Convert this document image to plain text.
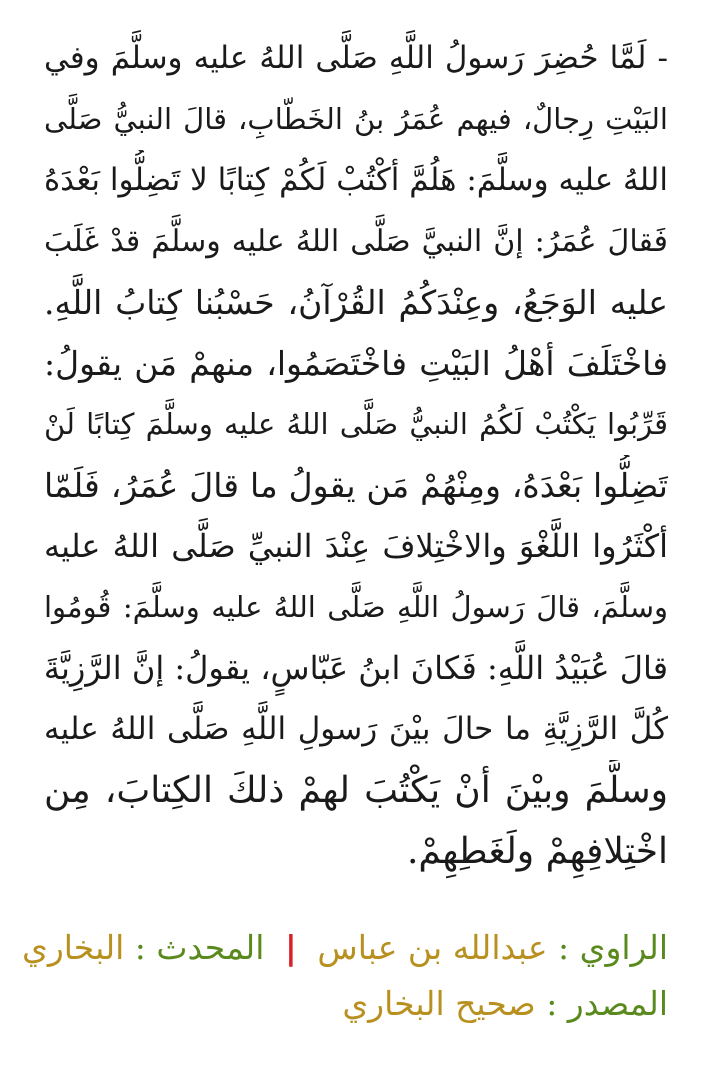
- لَمَّا حُضِرَ رَسولُ اللَّهِ صَلَّى اللهُ عليه وسلَّمَ وفي
البَيْتِ رِجالٌ، فيهم عُمَرُ بنُ الخَطّابِ، قالَ النبيُّ صَلَّى
اللهُ عليه وسلَّمَ: هَلُمَّ أكْتُبْ لَكُمْ كِتابًا لا تَضِلُّوا بَعْدَهُ
فَقالَ عُمَرُ: إنَّ النبيَّ صَلَّى اللهُ عليه وسلَّمَ قدْ غَلَبَ
عليه الوَجَعُ، وعِنْدَكُمُ القُرْآنُ، حَسْبُنا كِتابُ اللَّهِ.
فاخْتَلَفَ أهْلُ البَيْتِ فاخْتَصَمُوا، منهمْ مَن يقولُ:
قَرِّبُوا يَكْتُبْ لَكُمُ النبيُّ صَلَّى اللهُ عليه وسلَّمَ كِتابًا لَنْ
تَضِلُّوا بَعْدَهُ، ومِنْهُمْ مَن يقولُ ما قالَ عُمَرُ، فَلَمّا
أكْثَرُوا اللَّغْوَ والاخْتِلافَ عِنْدَ النبيِّ صَلَّى اللهُ عليه
وسلَّمَ، قالَ رَسولُ اللَّهِ صَلَّى اللهُ عليه وسلَّمَ: قُومُوا
قالَ عُبَيْدُ اللَّهِ: فَكانَ ابنُ عَبّاسٍ، يقولُ: إنَّ الرَّزِيَّةَ
كُلَّ الرَّزِيَّةِ ما حالَ بيْنَ رَسولِ اللَّهِ صَلَّى اللهُ عليه
وسلَّمَ وبيْنَ أنْ يَكْتُبَ لهمْ ذلكَ الكِتابَ، مِن
اخْتِلافِهِمْ ولَغَطِهِمْ.
الراوي : عبدالله بن عباس | المحدث : البخاري
المصدر : صحيح البخاري
